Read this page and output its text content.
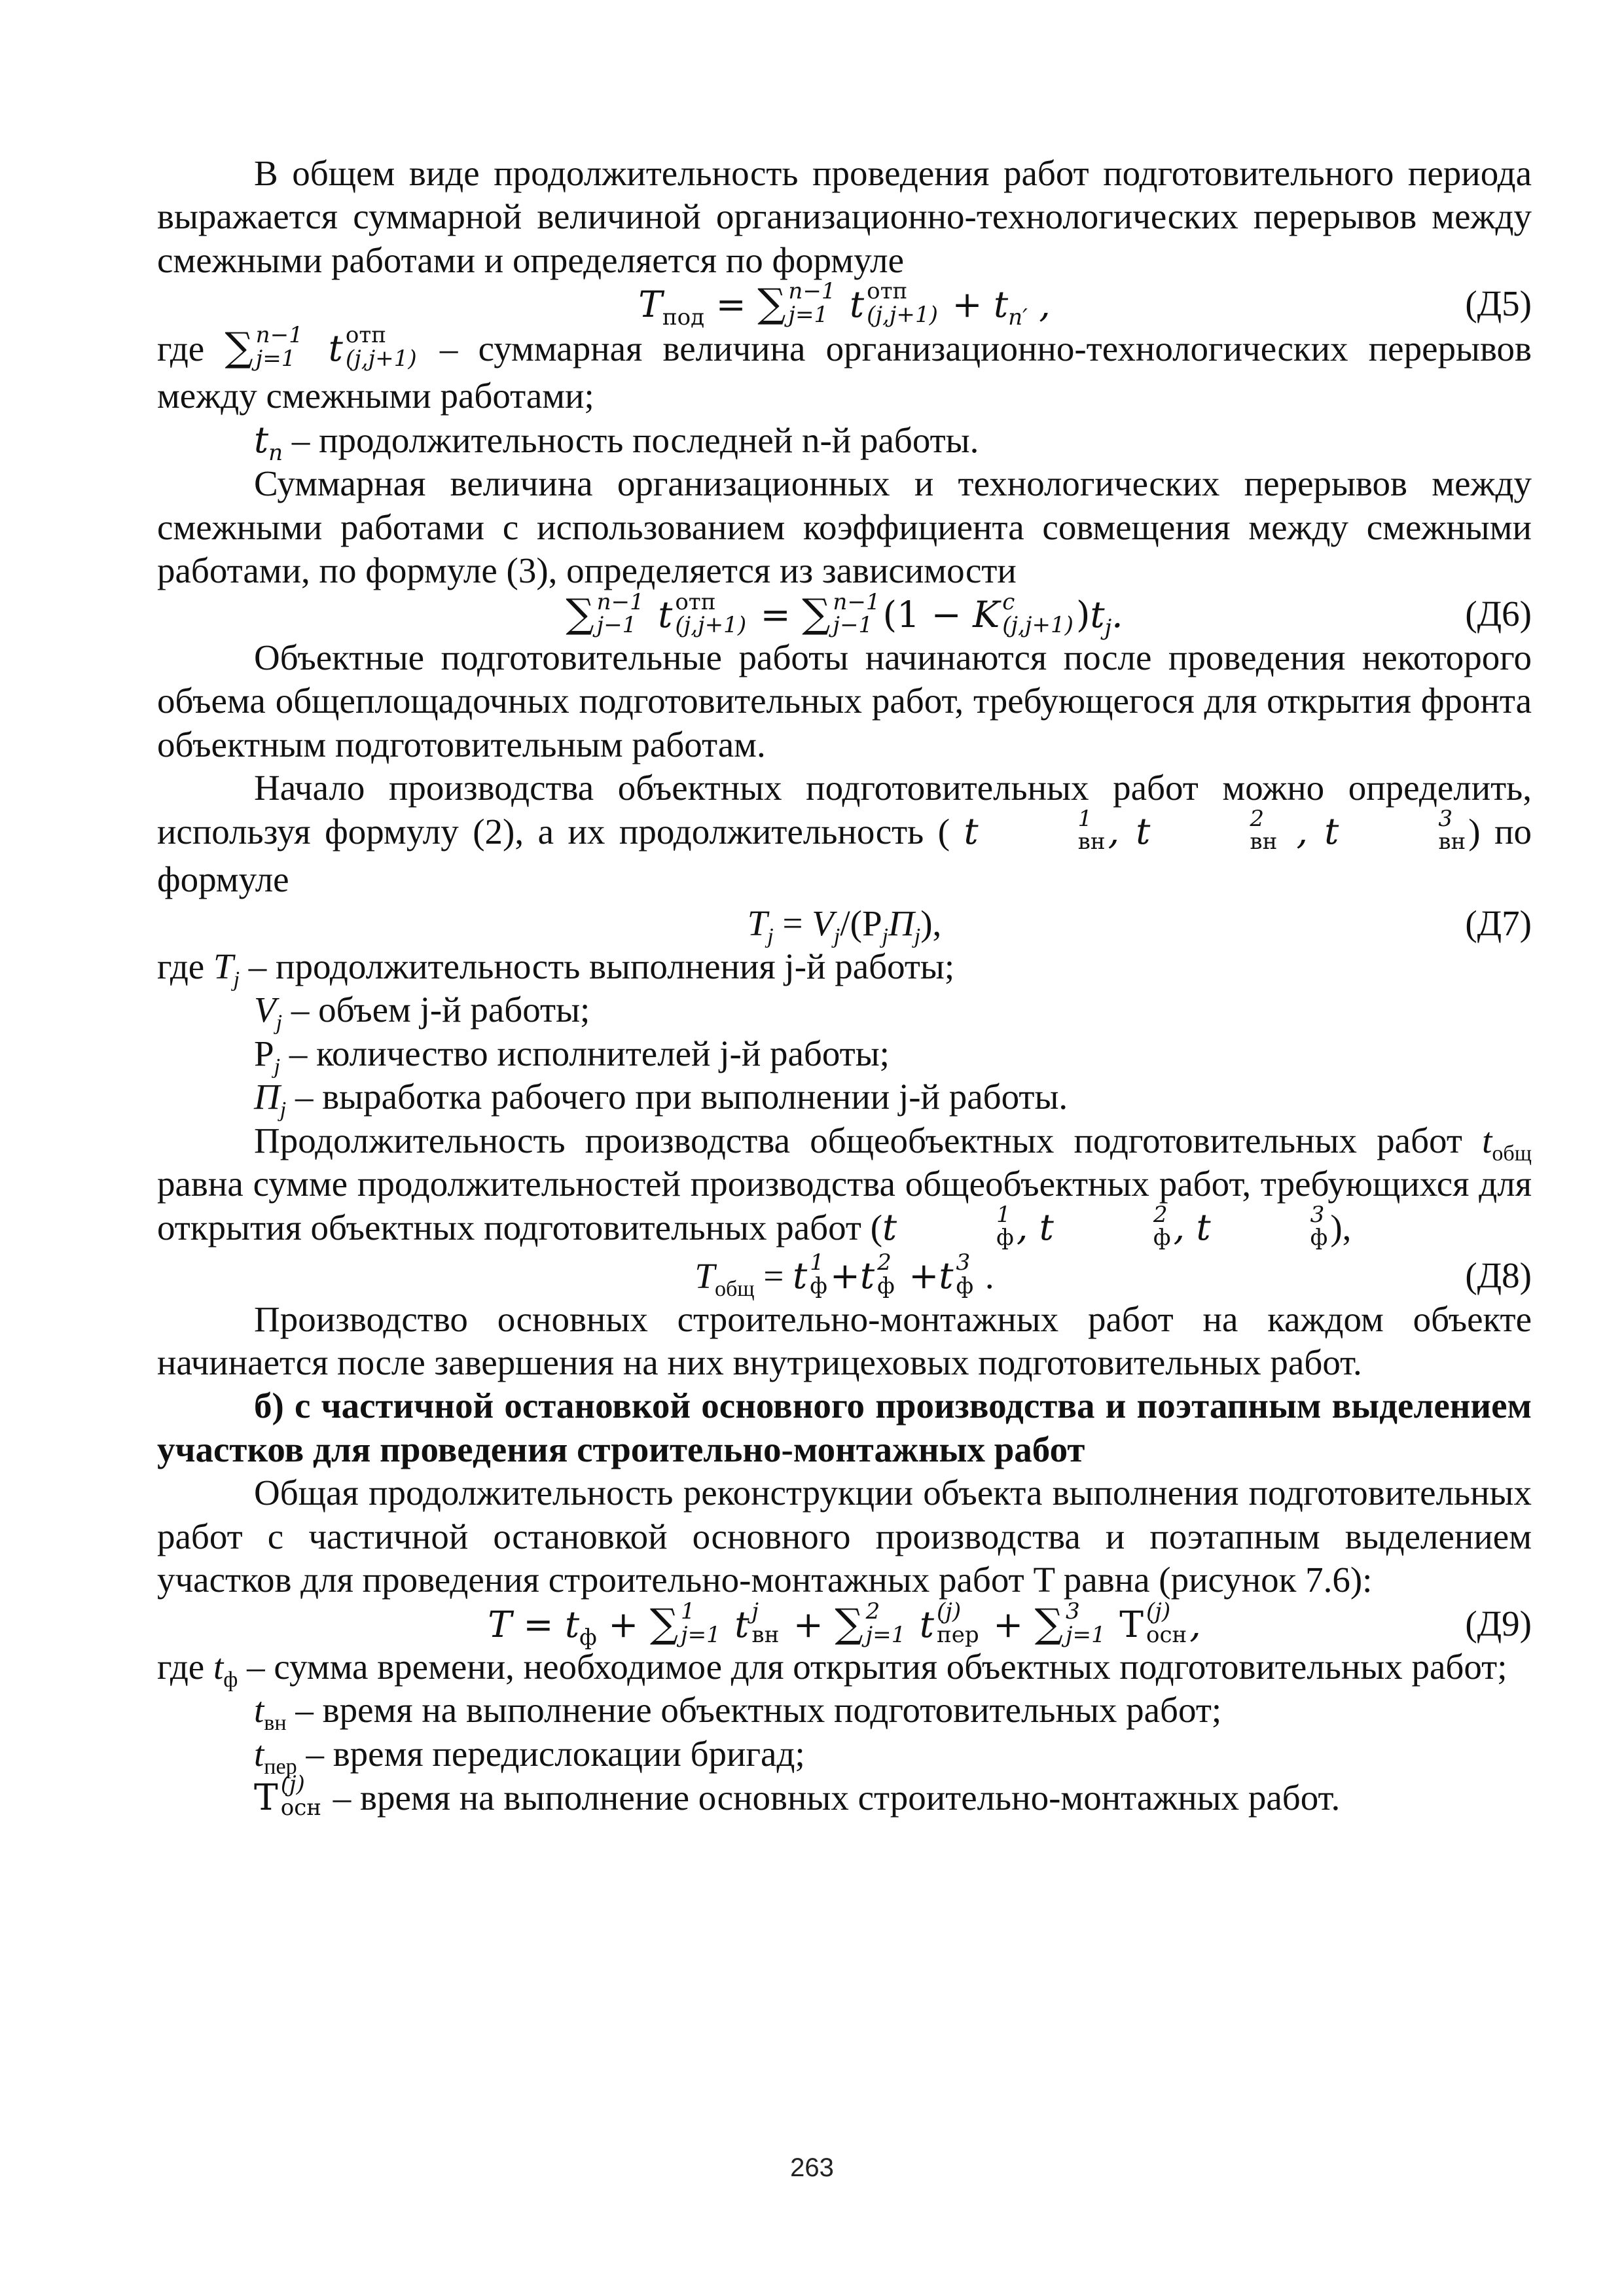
В общем виде продолжительность проведения работ подготовительного периода выражается суммарной величиной организационно-технологических перерывов между смежными работами и определяется по формуле

$T_{под}$ = ∑ n−1
j=1 t отп
$(j,j+1) + t_{n'}$ ,	(Д5)

где ∑ n−1
j=1 t отп
(j,j+1) – суммарная величина организационно-технологических перерывов между смежными работами;

$t_n$ – продолжительность последней n-й работы.

Суммарная величина организационных и технологических перерывов между смежными работами с использованием коэффициента совмещения между смежными работами, по формуле (3), определяется из зависимости

∑ n−1
j−1 t отп
(j,j+1) = ∑ n−1
j−1 (1 − K c
(j,j+1) )$t_j$.	(Д6)

Объектные подготовительные работы начинаются после проведения некоторого объема общеплощадочных подготовительных работ, требующегося для открытия фронта объектным подготовительным работам.

Начало производства объектных подготовительных работ можно определить, используя формулу (2), а их продолжительность ( t	1
вн , t	2
вн , t	3
вн ) по формуле

$T_j = V_j/(Р_jП_j)$,	(Д7)

где $T_j$ – продолжительность выполнения j-й работы;

$V_j$ – объем j-й работы;

$Р_j$ – количество исполнителей j-й работы;

$П_j$ – выработка рабочего при выполнении j-й работы.

Продолжительность производства общеобъектных подготовительных работ $t_{общ}$ равна сумме продолжительностей производства общеобъектных работ, требующихся для открытия объектных подготовительных работ (t	1
ф , t	2
ф , t	3
ф ),

$T_{общ} = t$ 1
ф +t 2
ф +t 3
ф .	(Д8)

Производство основных строительно-монтажных работ на каждом объекте начинается после завершения на них внутрицеховых подготовительных работ.

б) с частичной остановкой основного производства и поэтапным выделением участков для проведения строительно-монтажных работ

Общая продолжительность реконструкции объекта выполнения подготовительных работ с частичной остановкой основного производства и поэтапным выделением участков для проведения строительно-монтажных работ T равна (рисунок 7.6):

$T = t_ф$ + ∑ 1
j=1 t j
вн + ∑ 2
j=1 t (j)
пер + ∑ 3
j=1 Т (j)
осн ,	(Д9)

где $t_ф$ – сумма времени, необходимое для открытия объектных подготовительных работ;

$t_{вн}$ – время на выполнение объектных подготовительных работ;

$t_{пер}$ – время передислокации бригад;

Т (j)
осн – время на выполнение основных строительно-монтажных работ.

263
